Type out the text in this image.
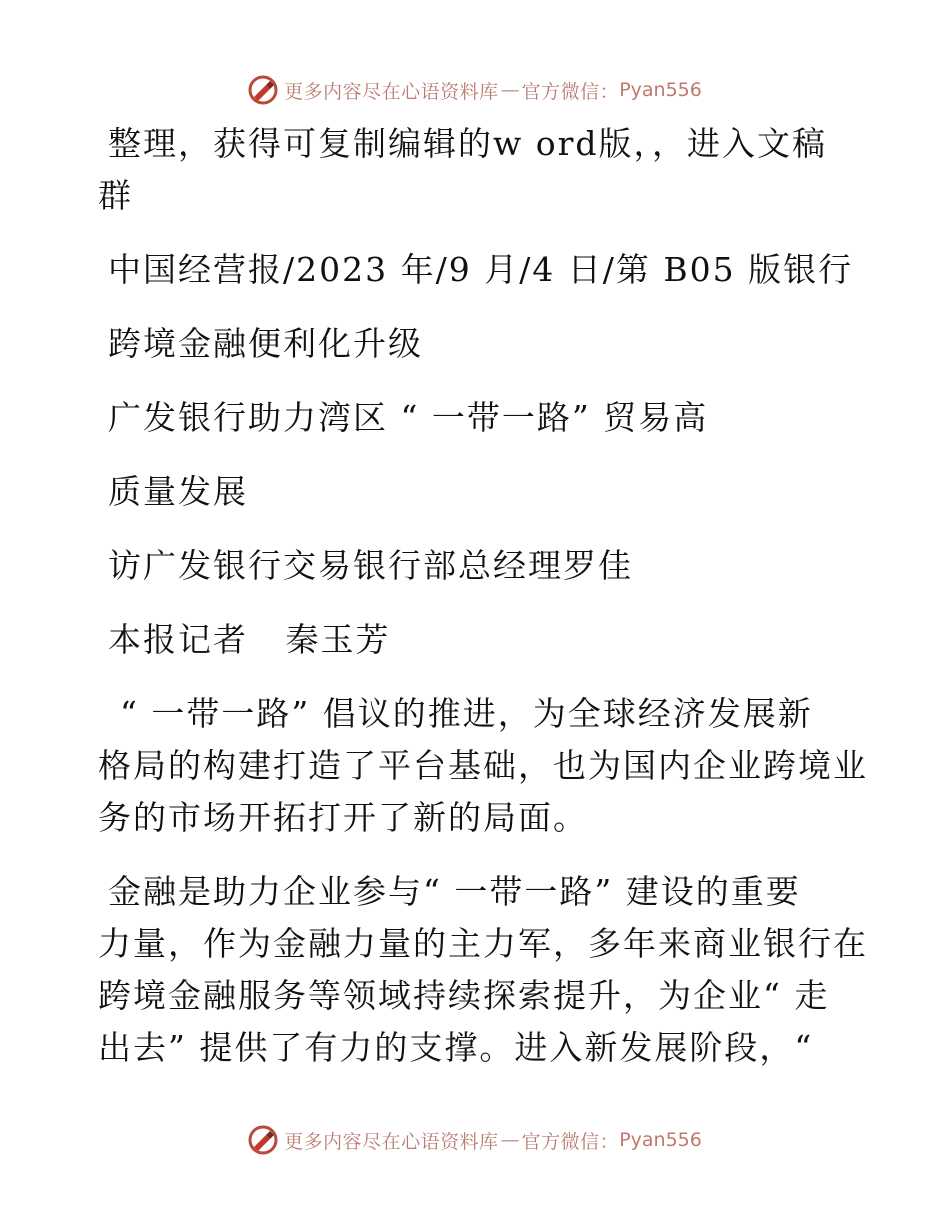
更多内容尽在心语资料库 — 官方微信： Pyan556
整理，获得可复制编辑的w ord版，，进入文稿
群
中国经营报/2023 年/9 月/4 日/第 B05 版银行
跨境金融便利化升级
广发银行助力湾区 “ 一带一路” 贸易高
质量发展
访广发银行交易银行部总经理罗佳
本报记者   秦玉芳
“ 一带一路” 倡议的推进，为全球经济发展新
格局的构建打造了平台基础，也为国内企业跨境业
务的市场开拓打开了新的局面。
金融是助力企业参与“ 一带一路” 建设的重要
力量，作为金融力量的主力军，多年来商业银行在
跨境金融服务等领域持续探索提升，为企业“ 走
出去” 提供了有力的支撑。进入新发展阶段，“
更多内容尽在心语资料库 — 官方微信： Pyan556
